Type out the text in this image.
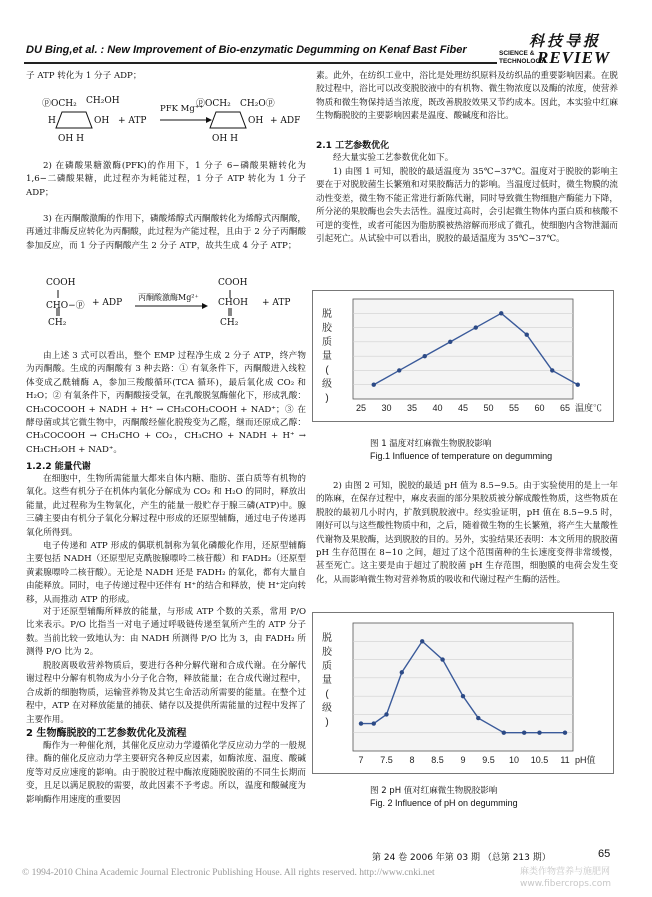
DU Bing,et al. : New Improvement of Bio-enzymatic Degumming on Kenaf Bast Fiber	科技导报
SCIENCE &
TECHNOLOGY
REVIEW

子 ATP 转化为 1 分子 ADP；

ⓟOCH₂ CH₂OH
OH
H
OH H
+ ATP
PFK Mg⁺⁺
ⓟOCH₂ CH₂Oⓟ
OH
OH H
+ ADF

2) 在磷酸果糖激酶(PFK)的作用下，1 分子 6−磷酸果糖转化为 1,6−二磷酸果糖，此过程亦为耗能过程，1 分子 ATP 转化为 1 分子 ADP；

3) 在丙酮酸激酶的作用下，磷酸烯醇式丙酮酸转化为烯醇式丙酮酸，再通过非酶反应转化为丙酮酸，此过程为产能过程，且由于 2 分子丙酮酸参加反应，而 1 分子丙酮酸产生 2 分子 ATP，故共生成 4 分子 ATP；

COOH
CHO−ⓟ
CH₂
+ ADP
丙酮酸激酶Mg²⁺
COOH
CHOH
CH₂
+ ATP

由上述 3 式可以看出，整个 EMP 过程净生成 2 分子 ATP，终产物为丙酮酸。生成的丙酮酸有 3 种去路：① 有氧条件下，丙酮酸进入线粒体变成乙酰辅酶 A，参加三羧酸循环(TCA 循环)，最后氧化成 CO₂ 和 H₂O；② 有氧条件下，丙酮酸接受氧，在乳酸脱氢酶催化下，形成乳酸：CH₃COCOOH + NADH + H⁺ → CH₃COH₂COOH + NAD⁺；③ 在酵母菌或其它微生物中，丙酮酸经催化脱羧变为乙醛，继而还原成乙醇：CH₃COCOOH → CH₃CHO + CO₂，CH₃CHO + NADH + H⁺ → CH₃CH₂OH + NAD⁺。

1.2.2 能量代谢

在细胞中，生物所需能量大都来自体内糖、脂肪、蛋白质等有机物的氧化。这些有机分子在机体内氧化分解成为 CO₂ 和 H₂O 的同时，释放出能量，此过程称为生物氧化，产生的能量一般贮存于腺三磷(ATP)中。腺三磷主要由有机分子氧化分解过程中形成的还原型辅酶，通过电子传递再氧化所得到。

电子传递和 ATP 形成的偶联机制称为氧化磷酸化作用，还原型辅酶主要包括 NADH（还原型尼克酰胺腺嘌呤二核苷酸）和 FADH₂（还原型黄素腺嘌呤二核苷酸）。无论是 NADH 还是 FADH₂ 的氧化，都有大量自由能释放。同时，电子传递过程中还伴有 H⁺的结合和释放，使 H⁺定向转移，从而推动 ATP 的形成。

对于还原型辅酶所释放的能量，与形成 ATP 个数的关系，常用 P/O 比来表示。P/O 比指当一对电子通过呼吸链传递至氧所产生的 ATP 分子数。当前比较一致地认为：由 NADH 所测得 P/O 比为 3，由 FADH₂ 所测得 P/O 比为 2。

脱胶离吸收营养物质后，要进行各种分解代谢和合成代谢。在分解代谢过程中分解有机物成为小分子化合物，释放能量；在合成代谢过程中，合成新的细胞物质，运输营养物及其它生命活动所需要的能量。在整个过程中，ATP 在对释放能量的捕获、储存以及提供所需能量的过程中发挥了主要作用。

2 生物酶脱胶的工艺参数优化及流程

酶作为一种催化剂，其催化反应动力学遵循化学反应动力学的一般规律。酶的催化反应动力学主要研究各种反应因素，如酶浓度、温度、酸碱度等对反应速度的影响。由于脱胶过程中酶浓度随脱胶菌的不同生长期而变，且足以满足脱胶的需要，故此因素不予考虑。所以，温度和酸碱度为影响酶作用速度的重要因

素。此外，在纺织工业中，浴比是处理纺织原料及纺织品的重要影响因素。在脱胶过程中，浴比可以改变脱胶液中的有机物、微生物浓度以及酶的浓度，使营养物质和微生物保持适当浓度，既改善脱胶效果又节约成本。因此，本实验中红麻生物酶脱胶的主要影响因素是温度、酸碱度和浴比。

2.1 工艺参数优化

经大量实验工艺参数优化如下。

1) 由图 1 可知，脱胶的最适温度为 35℃−37℃。温度对于脱胶的影响主要在于对脱胶菌生长繁殖和对果胶酶活力的影响。当温度过低时，微生物膜的流动性变差，微生物不能正常进行新陈代谢，同时导致微生物细胞产酶能力下降，所分泌的果胶酶也会失去活性。温度过高时，会引起微生物体内蛋白质和核酸不可逆的变性，或者可能因为脂肪膜被热溶解而形成了微孔，使细胞内含物泄漏而引起死亡。从试验中可以看出，脱胶的最适温度为 35℃−37℃。

25 30 35 40 45 50 55 60 65 温度℃
脱
胶
质
量
(
级
)
图 1 温度对红麻微生物脱胶影响
Fig.1 Influence of temperature on degumming

2) 由图 2 可知，脱胶的最适 pH 值为 8.5−9.5。由于实验使用的是上一年的陈麻，在保存过程中，麻皮表面的部分果胶质被分解成酸性物质，这些物质在脱胶的最初几小时内，扩散到脱胶液中。经实验证明，pH 值在 8.5−9.5 时，刚好可以与这些酸性物质中和，之后，随着微生物的生长繁殖，将产生大量酸性代谢物及果胶酶，达到脱胶的目的。另外，实验结果还表明：本文所用的脱胶菌 pH 生存范围在 8−10 之间，超过了这个范围菌种的生长速度变得非常缓慢，甚至死亡。这主要是由于超过了脱胶菌 pH 生存范围，细胞膜的电荷会发生变化，从而影响微生物对营养物质的吸收和代谢过程产生酶的活性。

7 7.5 8 8.5 9 9.5 10 10.5 11 pH值
脱
胶
质
量
(
级
)
图 2 pH 值对红麻微生物脱胶影响
Fig. 2 Influence of pH on degumming
第 24 卷 2006 年第 03 期 （总第 213 期）	65
© 1994-2010 China Academic Journal Electronic Publishing House. All rights reserved. http://www.cnki.net	麻类作物营养与施肥网 www.fibercrops.com
